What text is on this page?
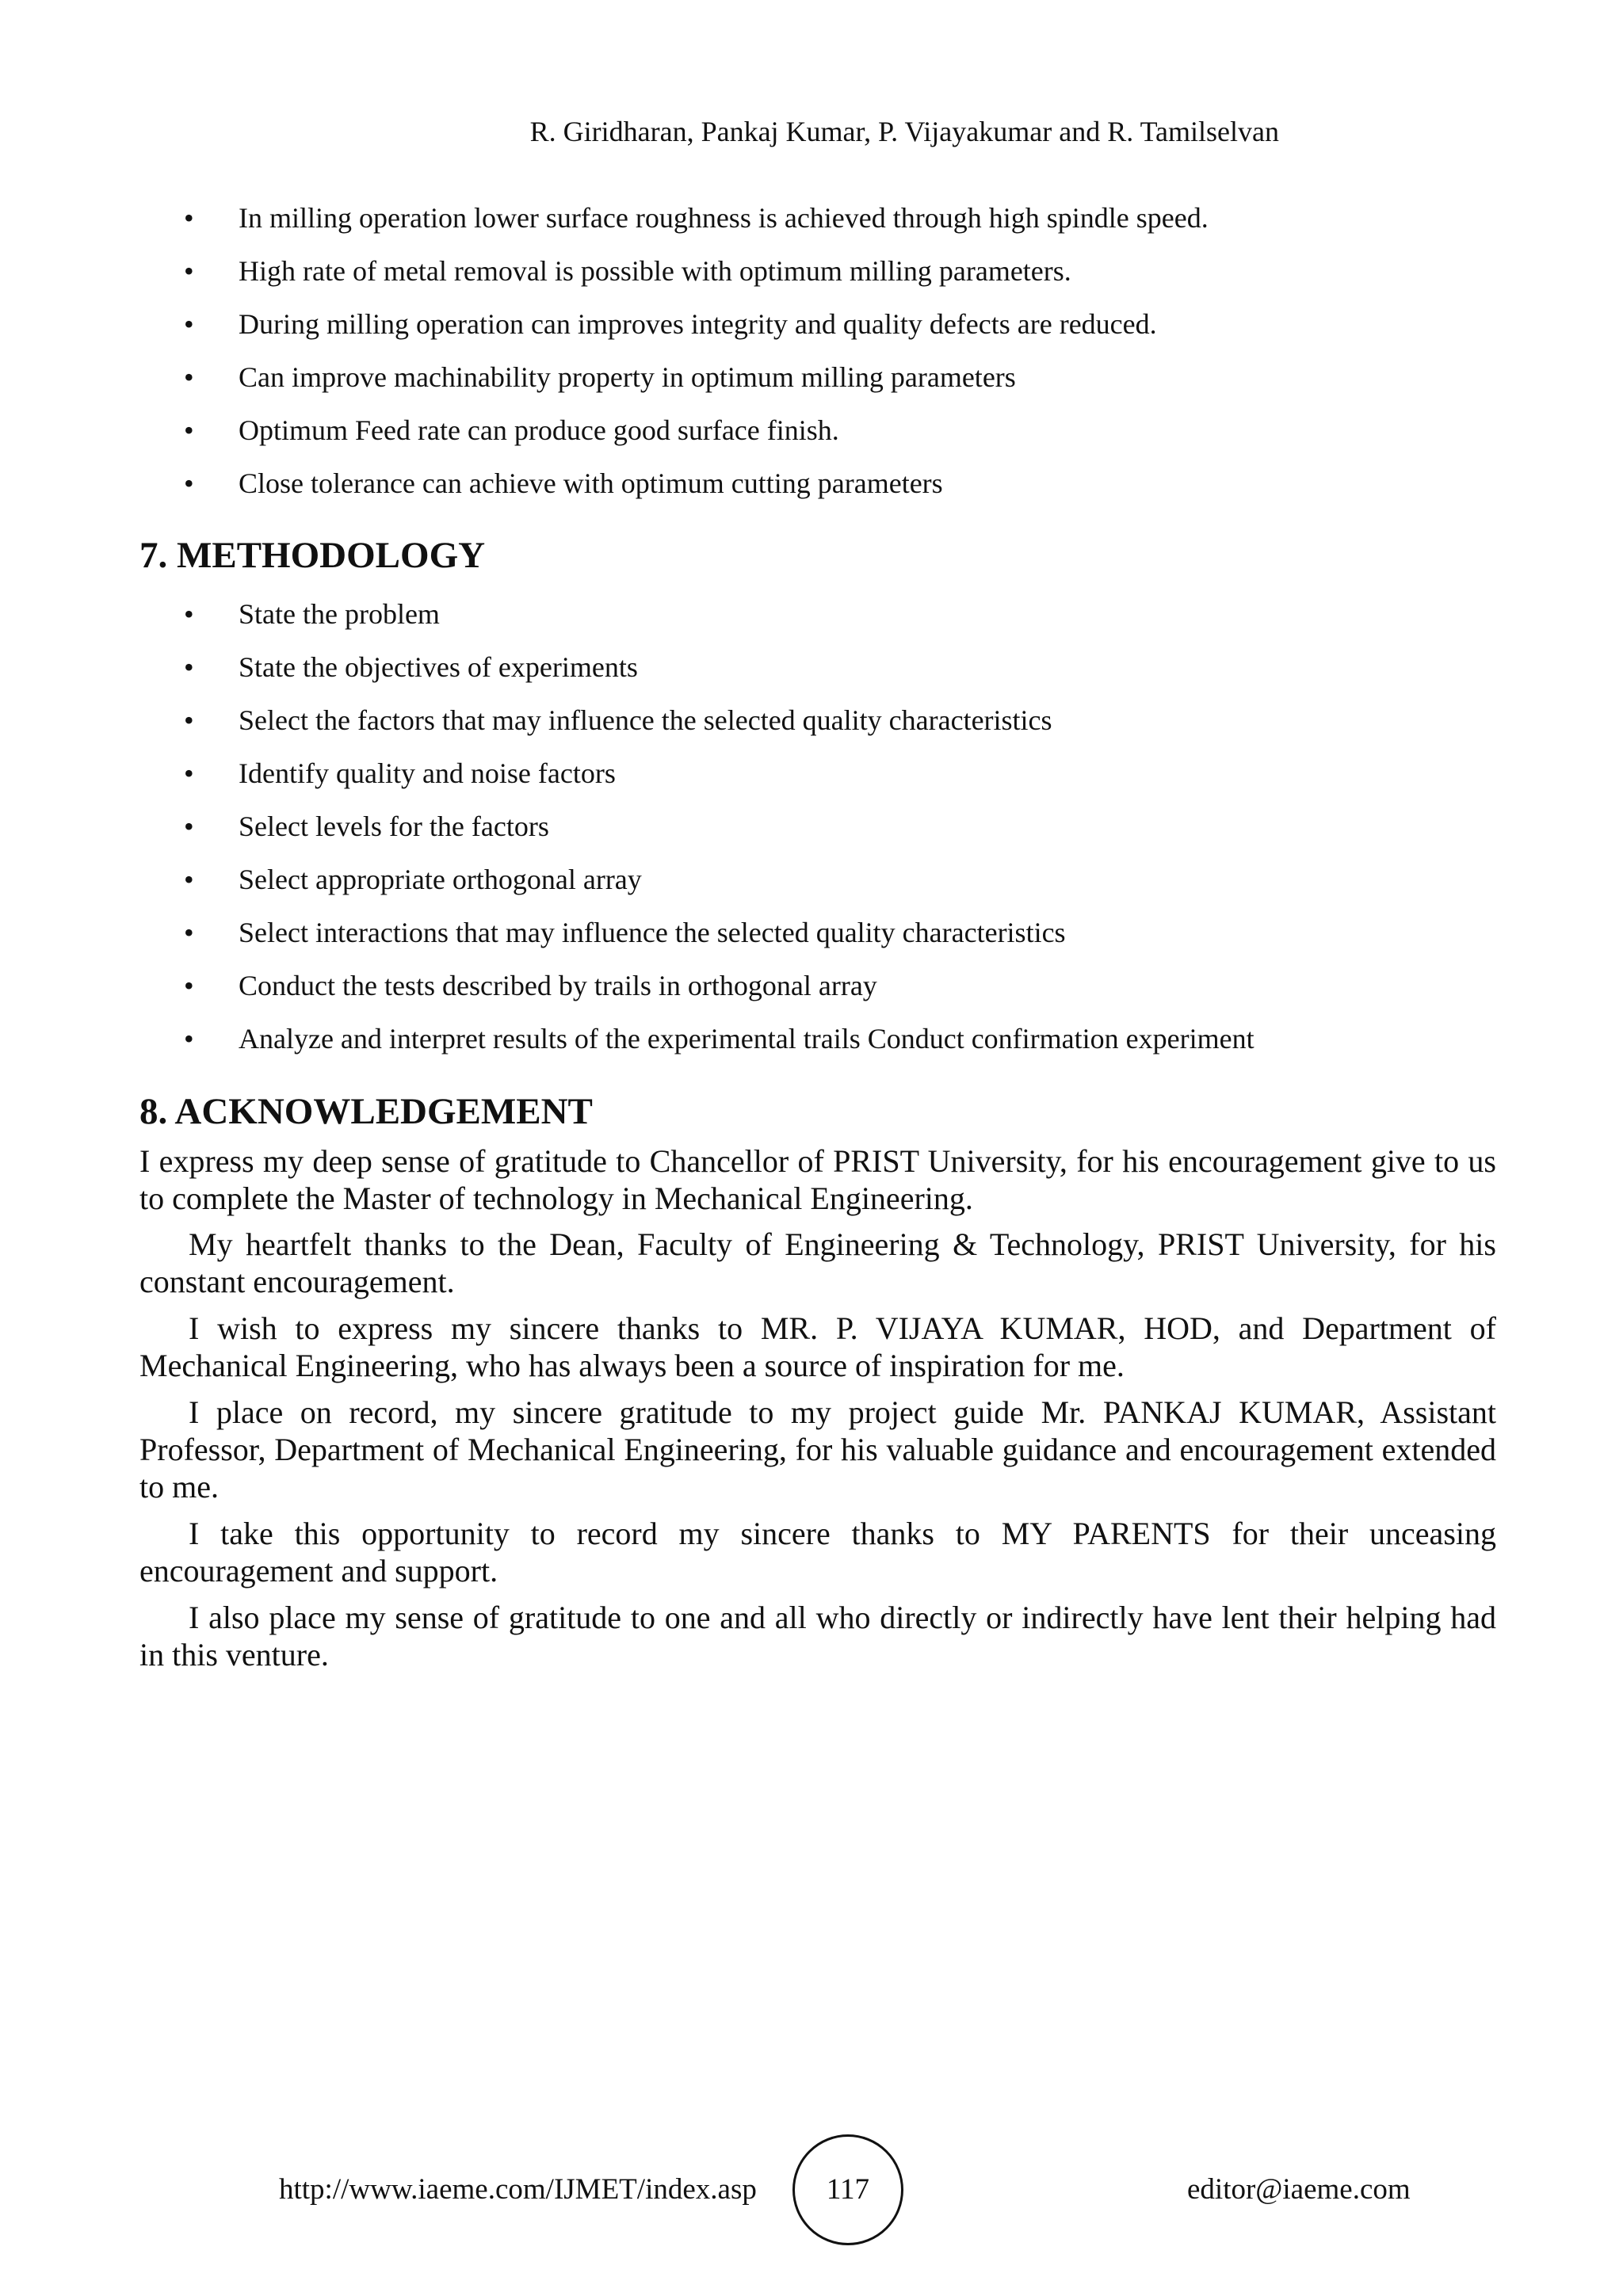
R. Giridharan, Pankaj Kumar, P. Vijayakumar and R. Tamilselvan
• In milling operation lower surface roughness is achieved through high spindle speed.
• High rate of metal removal is possible with optimum milling parameters.
• During milling operation can improves integrity and quality defects are reduced.
• Can improve machinability property in optimum milling parameters
• Optimum Feed rate can produce good surface finish.
• Close tolerance can achieve with optimum cutting parameters
7. METHODOLOGY
• State the problem
• State the objectives of experiments
• Select the factors that may influence the selected quality characteristics
• Identify quality and noise factors
• Select levels for the factors
• Select appropriate orthogonal array
• Select interactions that may influence the selected quality characteristics
• Conduct the tests described by trails in orthogonal array
• Analyze and interpret results of the experimental trails Conduct confirmation experiment
8. ACKNOWLEDGEMENT

I express my deep sense of gratitude to Chancellor of PRIST University, for his encouragement give to us to complete the Master of technology in Mechanical Engineering.

My heartfelt thanks to the Dean, Faculty of Engineering & Technology, PRIST University, for his constant encouragement.

I wish to express my sincere thanks to MR. P. VIJAYA KUMAR, HOD, and Department of Mechanical Engineering, who has always been a source of inspiration for me.

I place on record, my sincere gratitude to my project guide Mr. PANKAJ KUMAR, Assistant Professor, Department of Mechanical Engineering, for his valuable guidance and encouragement extended to me.

I take this opportunity to record my sincere thanks to MY PARENTS for their unceasing encouragement and support.

I also place my sense of gratitude to one and all who directly or indirectly have lent their helping had in this venture.

http://www.iaeme.com/IJMET/index.asp	117	editor@iaeme.com
